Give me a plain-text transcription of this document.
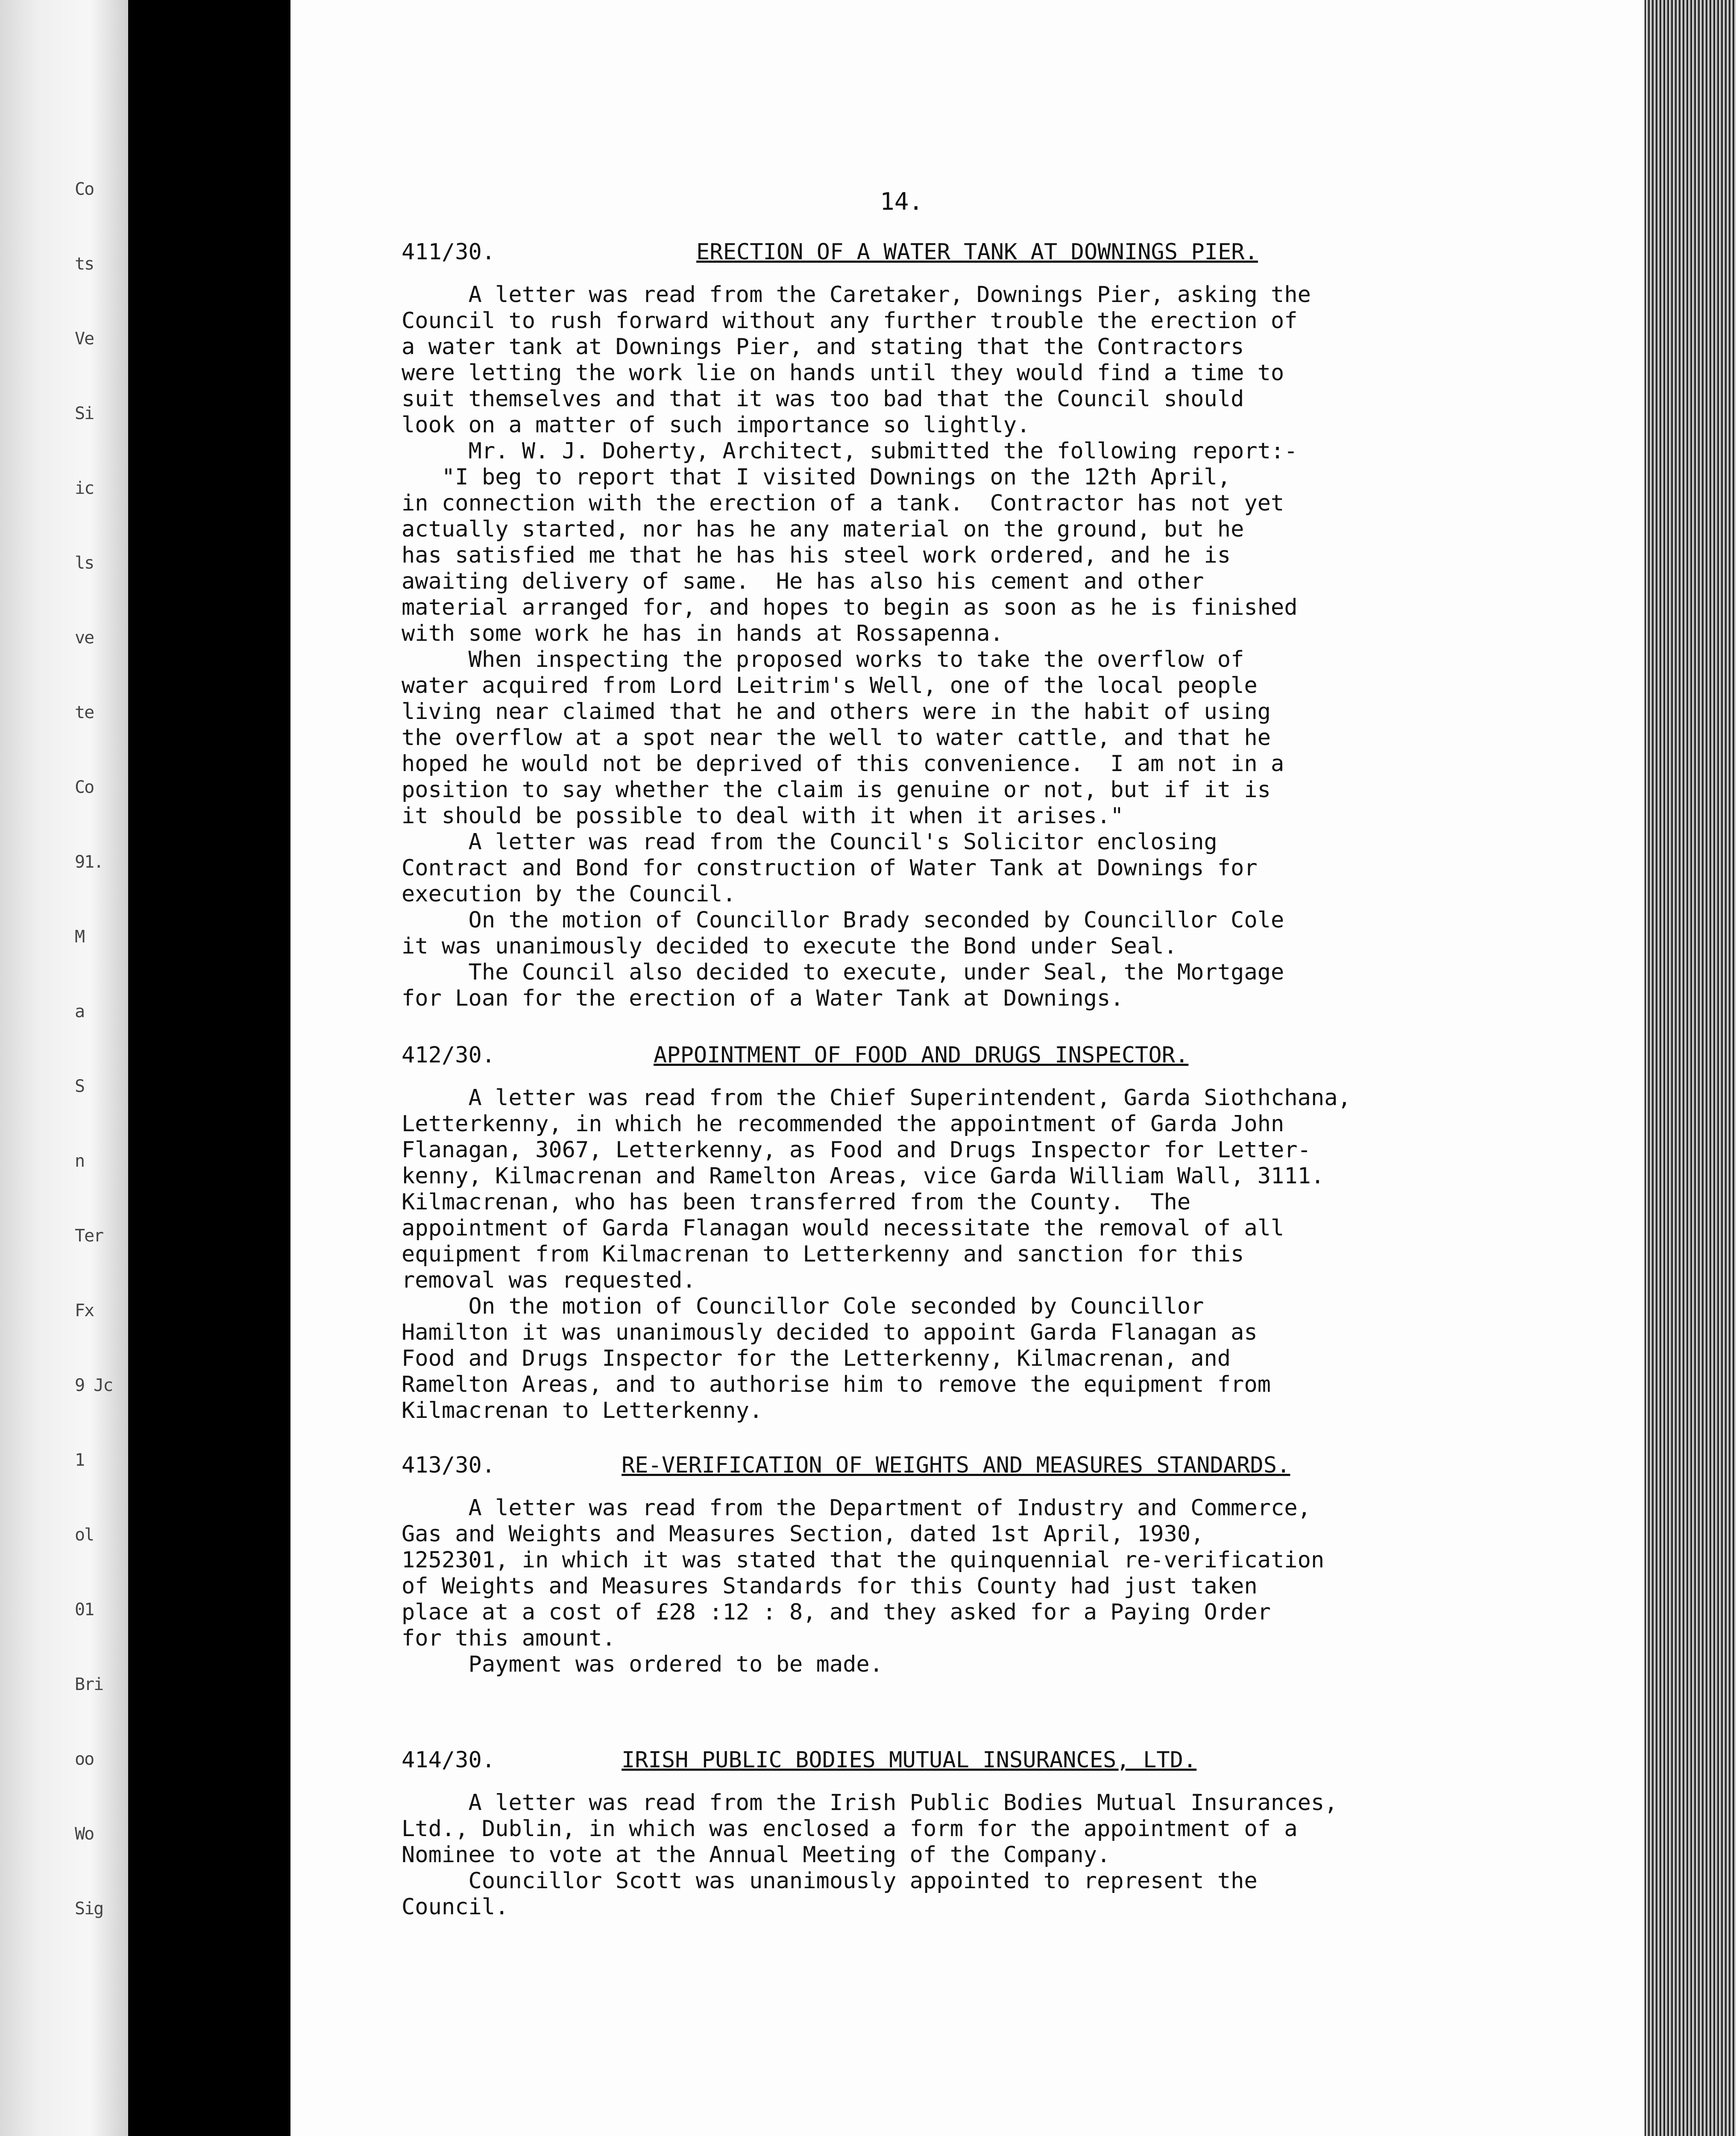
Co
ts
Ve
Si
ic
ls
ve
te
Co
91.
M
a
S
n
Ter
Fx
9 Jc
1
ol
01
Bri
oo
Wo
Sig
14.
411/30.	ERECTION OF A WATER TANK AT DOWNINGS PIER.
A letter was read from the Caretaker, Downings Pier, asking the
Council to rush forward without any further trouble the erection of
a water tank at Downings Pier, and stating that the Contractors
were letting the work lie on hands until they would find a time to
suit themselves and that it was too bad that the Council should
look on a matter of such importance so lightly.
Mr. W. J. Doherty, Architect, submitted the following report:-
"I beg to report that I visited Downings on the 12th April,
in connection with the erection of a tank.  Contractor has not yet
actually started, nor has he any material on the ground, but he
has satisfied me that he has his steel work ordered, and he is
awaiting delivery of same.  He has also his cement and other
material arranged for, and hopes to begin as soon as he is finished
with some work he has in hands at Rossapenna.
When inspecting the proposed works to take the overflow of
water acquired from Lord Leitrim's Well, one of the local people
living near claimed that he and others were in the habit of using
the overflow at a spot near the well to water cattle, and that he
hoped he would not be deprived of this convenience.  I am not in a
position to say whether the claim is genuine or not, but if it is
it should be possible to deal with it when it arises."
A letter was read from the Council's Solicitor enclosing
Contract and Bond for construction of Water Tank at Downings for
execution by the Council.
On the motion of Councillor Brady seconded by Councillor Cole
it was unanimously decided to execute the Bond under Seal.
The Council also decided to execute, under Seal, the Mortgage
for Loan for the erection of a Water Tank at Downings.
412/30.	APPOINTMENT OF FOOD AND DRUGS INSPECTOR.
A letter was read from the Chief Superintendent, Garda Siothchana,
Letterkenny, in which he recommended the appointment of Garda John
Flanagan, 3067, Letterkenny, as Food and Drugs Inspector for Letter-
kenny, Kilmacrenan and Ramelton Areas, vice Garda William Wall, 3111.
Kilmacrenan, who has been transferred from the County.  The
appointment of Garda Flanagan would necessitate the removal of all
equipment from Kilmacrenan to Letterkenny and sanction for this
removal was requested.
On the motion of Councillor Cole seconded by Councillor
Hamilton it was unanimously decided to appoint Garda Flanagan as
Food and Drugs Inspector for the Letterkenny, Kilmacrenan, and
Ramelton Areas, and to authorise him to remove the equipment from
Kilmacrenan to Letterkenny.
413/30.	RE-VERIFICATION OF WEIGHTS AND MEASURES STANDARDS.
A letter was read from the Department of Industry and Commerce,
Gas and Weights and Measures Section, dated 1st April, 1930,
1252301, in which it was stated that the quinquennial re-verification
of Weights and Measures Standards for this County had just taken
place at a cost of £28 :12 : 8, and they asked for a Paying Order
for this amount.
Payment was ordered to be made.
414/30.	IRISH PUBLIC BODIES MUTUAL INSURANCES, LTD.
A letter was read from the Irish Public Bodies Mutual Insurances,
Ltd., Dublin, in which was enclosed a form for the appointment of a
Nominee to vote at the Annual Meeting of the Company.
Councillor Scott was unanimously appointed to represent the
Council.
